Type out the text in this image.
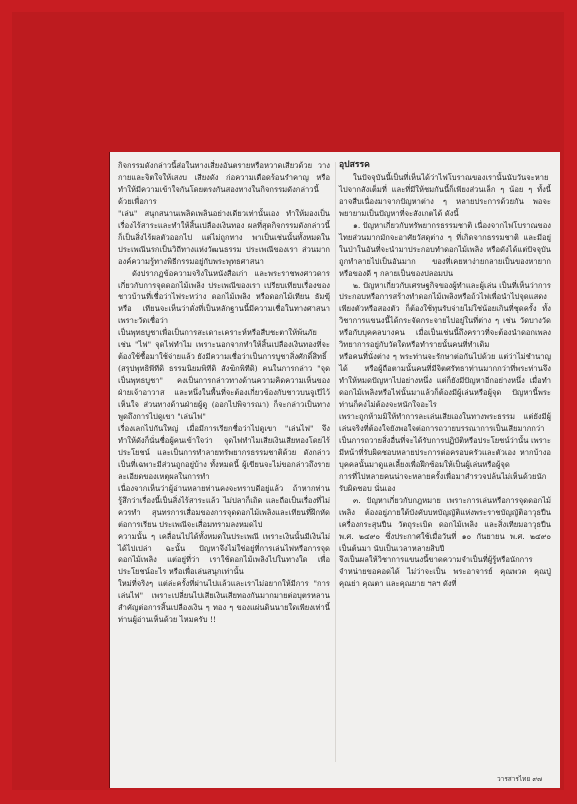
กิจกรรมดังกล่าวนี้ส่อในทางเสี่ยงอันตรายหรือหวาดเสียวด้วย วางกายและจิตใจให้เสงบ เสียงดัง ก่อความเดือดร้อนรำคาญ หรือทำให้มีความเข้าใจกันโดยตรงกันสองทางในกิจกรรมดังกล่าวนี้ด้วยเพื่อการ

"เล่น" สนุกสนานเพลิดเพลินอย่างเดียวเท่านั้นเอง ทำให้มองเป็นเรื่องไร้สาระและทำให้สิ้นเปลืองเงินทอง ผลที่สุดกิจกรรมดังกล่าวนี้ก็เป็นสิ่งไร้ผลตัวออกไป แต่ไม่ถูกทาง พาเป็นเช่นนั้นทั้งหมดในประเพณีนรกเป็นวิถีทางแห่งวัฒนธรรม ประเพณีของเรา ส่วนมากองค์ความรู้ทางพิธีกรรมอยู่กับพระพุทธศาสนา

ดังปรากฏข้อความจริงในหนังสือเก่า และพระราชพงศาวดาร เกี่ยวกับการจุดดอกไม้เพลิง ประเพณีของเรา เปรียบเทียบเรื่องของชาวบ้านที่เชื่อว่าไฟระหว่าง ดอกไม้เพลิง หรือดอกไม้เทียน ธัมฆีุ หรือ เทียนจะเห็นว่าดั่งที่เป็นหลักฐานนี้มีความเชื่อในทางศาสนา เพราะวัดเชื่อว่า

เป็นพุทธบูชาเพื่อเป็นการสะเดาะเคราะห์หรือสืบชะตาให้พ้นภัย เช่น "ไฟ" จุดไฟทำไม เพราะนอกจากทำให้สิ้นเปลืองเงินทองที่จะต้องใช้ซื้อมาใช้จ่ายแล้ว ยังมีความเชื่อว่าเป็นการบูชาสิ่งศักดิ์สิทธิ์

(สรุปพุทธิพีทีดิ ธรรมนิยมพิทีดิ สังฆิกพิทีดิ) คนในการกล่าว "จุดเป็นพุทธบูชา" คงเป็นการกล่าวทางด้านความคิดความเห็นของ ฝ่ายเจ้าอาวาส และหนึ่งในพื้นที่จะต้องเกี่ยวข้องกับชาวบนจูเปีไว้เห็นใจ ส่วนทางด้านฝ่ายผู้ดู (ออกไปพิจารณา) ก็จะกล่าวเป็นทางพูดถึงการไปดูเขา "เล่นไฟ"

เรื่องเลกไปกันใหญ่ เมื่อมีการเรียกชื่อว่าไปดูเขา "เล่นไฟ" จึงทำให้ดังก็นั่นชื่อผู้คนเข้าใจว่า จุดไฟทำไมเสียเงินเสียทองโดยไร้ประโยชน์ และเป็นการทำลายทรัพยากรธรรมชาติด้วย ดังกล่าวเป็นที่เฉพาะมีส่วนถูกอยู่บ้าง ทั้งหมดนี้ ผู้เขียนจะไม่ขอกล่าวถึงรายละเอียดของเหตุผลในการทำ

เนื่องจากเห็นว่าผู้อ่านหลายท่านคงจะทราบดีอยู่แล้ว ถ้าหากท่านรู้สึกว่าเรื่องนี้เป็นสิ่งไร้สาระแล้ว ไม่ปลาก็เถิด และถือเป็นเรื่องที่ไม่ควรทำ สุนทรการเสื่อมของการจุดดอกไม้เพลิงและเทียนที่ฝึกหัดต่อการเรียน ประเพณีจะเสื่อมทรามลงหมดไป

ความนั้น ๆ เคลื่อนไปได้ทั้งหมดในประเพณี เพราะเงินนั้นมีเงินไม่ได้ไปเปล่า ฉะนั้น ปัญหาจึงไม่ใช่อยู่ที่การเล่นไฟหรือการจุดดอกไม้เพลิง แต่อยู่ที่ว่า เราใช้ดอกไม้เพลิงไปในทางใด เพื่อประโยชน์อะไร หรือเพื่อเล่นสนุกเท่านั้น

ใหม่ที่จริงๆ แต่ล่ะครั้งที่ผ่านไปแล้วและเราไม่อยากให้มีการ "การเล่นไฟ" เพราะเปลี่ยนไปเสียเงินเสียทองกันมากมายต่อบุตรหลาน สำคัญต่อการสิ้นเปลืองเงิน ๆ ทอง ๆ ของแผ่นดินนายใดเพียงเท่านี้ ท่านผู้อ่านเห็นด้วย ไหมครับ !!

อุปสรรค

ในปัจจุบันนี้เป็นที่เห็นได้ว่าไฟโบราณของเรานั้นนับวันจะหายไปจากสังเต็มที่ และที่มีให้ชมกันนี้ก็เพียงส่วนเล็ก ๆ น้อย ๆ ทั้งนี้ อาจสืบเนื่องมาจากปัญหาต่าง ๆ หลายประการด้วยกัน พอจะพยายามเป็นปัญหาที่จะสังเกตได้ ดังนี้

๑. ปัญหาเกี่ยวกับทรัพยากรธรรมชาติ เนื่องจากไฟโบราณของไทยส่วนมากมักจะอาศัยวัสดุต่าง ๆ ที่เกิดจากธรรมชาติ และมีอยู่ในป่าในอันที่จะนำมาประกอบทำดอกไม้เพลิง หรือดังได้แต่ปัจจุบันถูกทำลายไปเป็นอันมาก ของที่เคยหาง่ายกลายเป็นของหายาก หรือของดี ๆ กลายเป็นของปลอมปน

๒. ปัญหาเกี่ยวกับเศรษฐกิจของผู้ทำและผู้เล่น เป็นที่เห็นว่าการประกอบหรือการสร้างทำดอกไม้เพลิงหรือถ้วไฟเพื่อนำไปจุดแสดงเพียงตัวหรือสองตัว ก็ต้องใช้ทุนรับจ่ายไม่ใช่น้อยเกินที่ชุดครั้ง ทั้งวิชาการแขนงนี้ได้กระจัดกระจายไปอยู่ในที่ต่าง ๆ เช่น วัดบางวัด หรือกับบุคคลบางคน เมื่อเป็นเช่นนี้ถึงคราวที่จะต้องนำดอกเพลง วิทยาการอยู่กับวัดใดหรือทำรายนั้นคนที่ทำเดิม

หรือคนที่นั่งต่าง ๆ พระท่านจะรักษาต่อกันไปด้วย แต่ว่าไม่ชำนาญได้ หรือผู้ถือตามนั้นคนที่มีจิตศรัทธาท่านมากกว่าที่พระท่านจึงทำให้หมดปัญหาไปอย่างหนึ่ง แต่ก็ยังมีปัญหาอีกอย่างหนึ่ง เมื่อทำดอกไม้เพลิงหรือไฟนั้นมาแล้วก็ต้องมีผู้เล่นหรือผู้จุด ปัญหานี้พระท่านก็คงไม่ต้องจะหนักใจอะไร

เพราะถูกห้ามมิให้ทำการละเล่นเสียเองในทางพระธรรม แต่ยังมีผู้เล่นจริงที่ต้องใจยังพอใจต่อการถวายบรรณาการเป็นเสียมากกว่าเป็นการถวายสิ่งอื่นที่จะได้รับการปฏิบัติหรือประโยชน์ว่านั้น เพราะมีหน้าที่รับผิดชอบหลายประการต่อครอบครัวและตัวเอง หากบ้างอบุคคลนั้นมาดูแลเลี้ยงเพื่อฝึกซ้อมให้เป็นผู้เล่นหรือผู้จุด

การที่ไปหลายคนน่าจะหลายครั้งเพื่อมาสำรวจปล้นไม่เห็นด้วยนัก รับผิดชอบ นั่นเอง

๓. ปัญหาเกี่ยวกับกฎหมาย เพราะการเล่นหรือการจุดดอกไม้เพลิง ต้องอยู่ภายใต้บังคับบทบัญญัติแห่งพระราชบัญญัติอาวุธปืนเครื่องกระสุนปืน วัตถุระเบิด ดอกไม้เพลิง และสิ่งเทียมอาวุธปืน พ.ศ. ๒๔๙๐ ซึ่งประกาศใช้เมื่อวันที่ ๑๐ กันยายน พ.ศ. ๒๔๙๐ เป็นต้นมา นับเป็นเวลาหลายสิบปี

จึงเป็นผลให้วิชาการแขนงนี้ขาดความจำเป็นที่ผู้รู้หรือนักการจำหน่ายขอคอดได้ ไม่ว่าจะเป็น พระอาจารย์ คุณพวด คุณปู่ คุณย่า คุณตา และคุณยาย ฯลฯ ดังที่

วารสารไทย ๙๗
